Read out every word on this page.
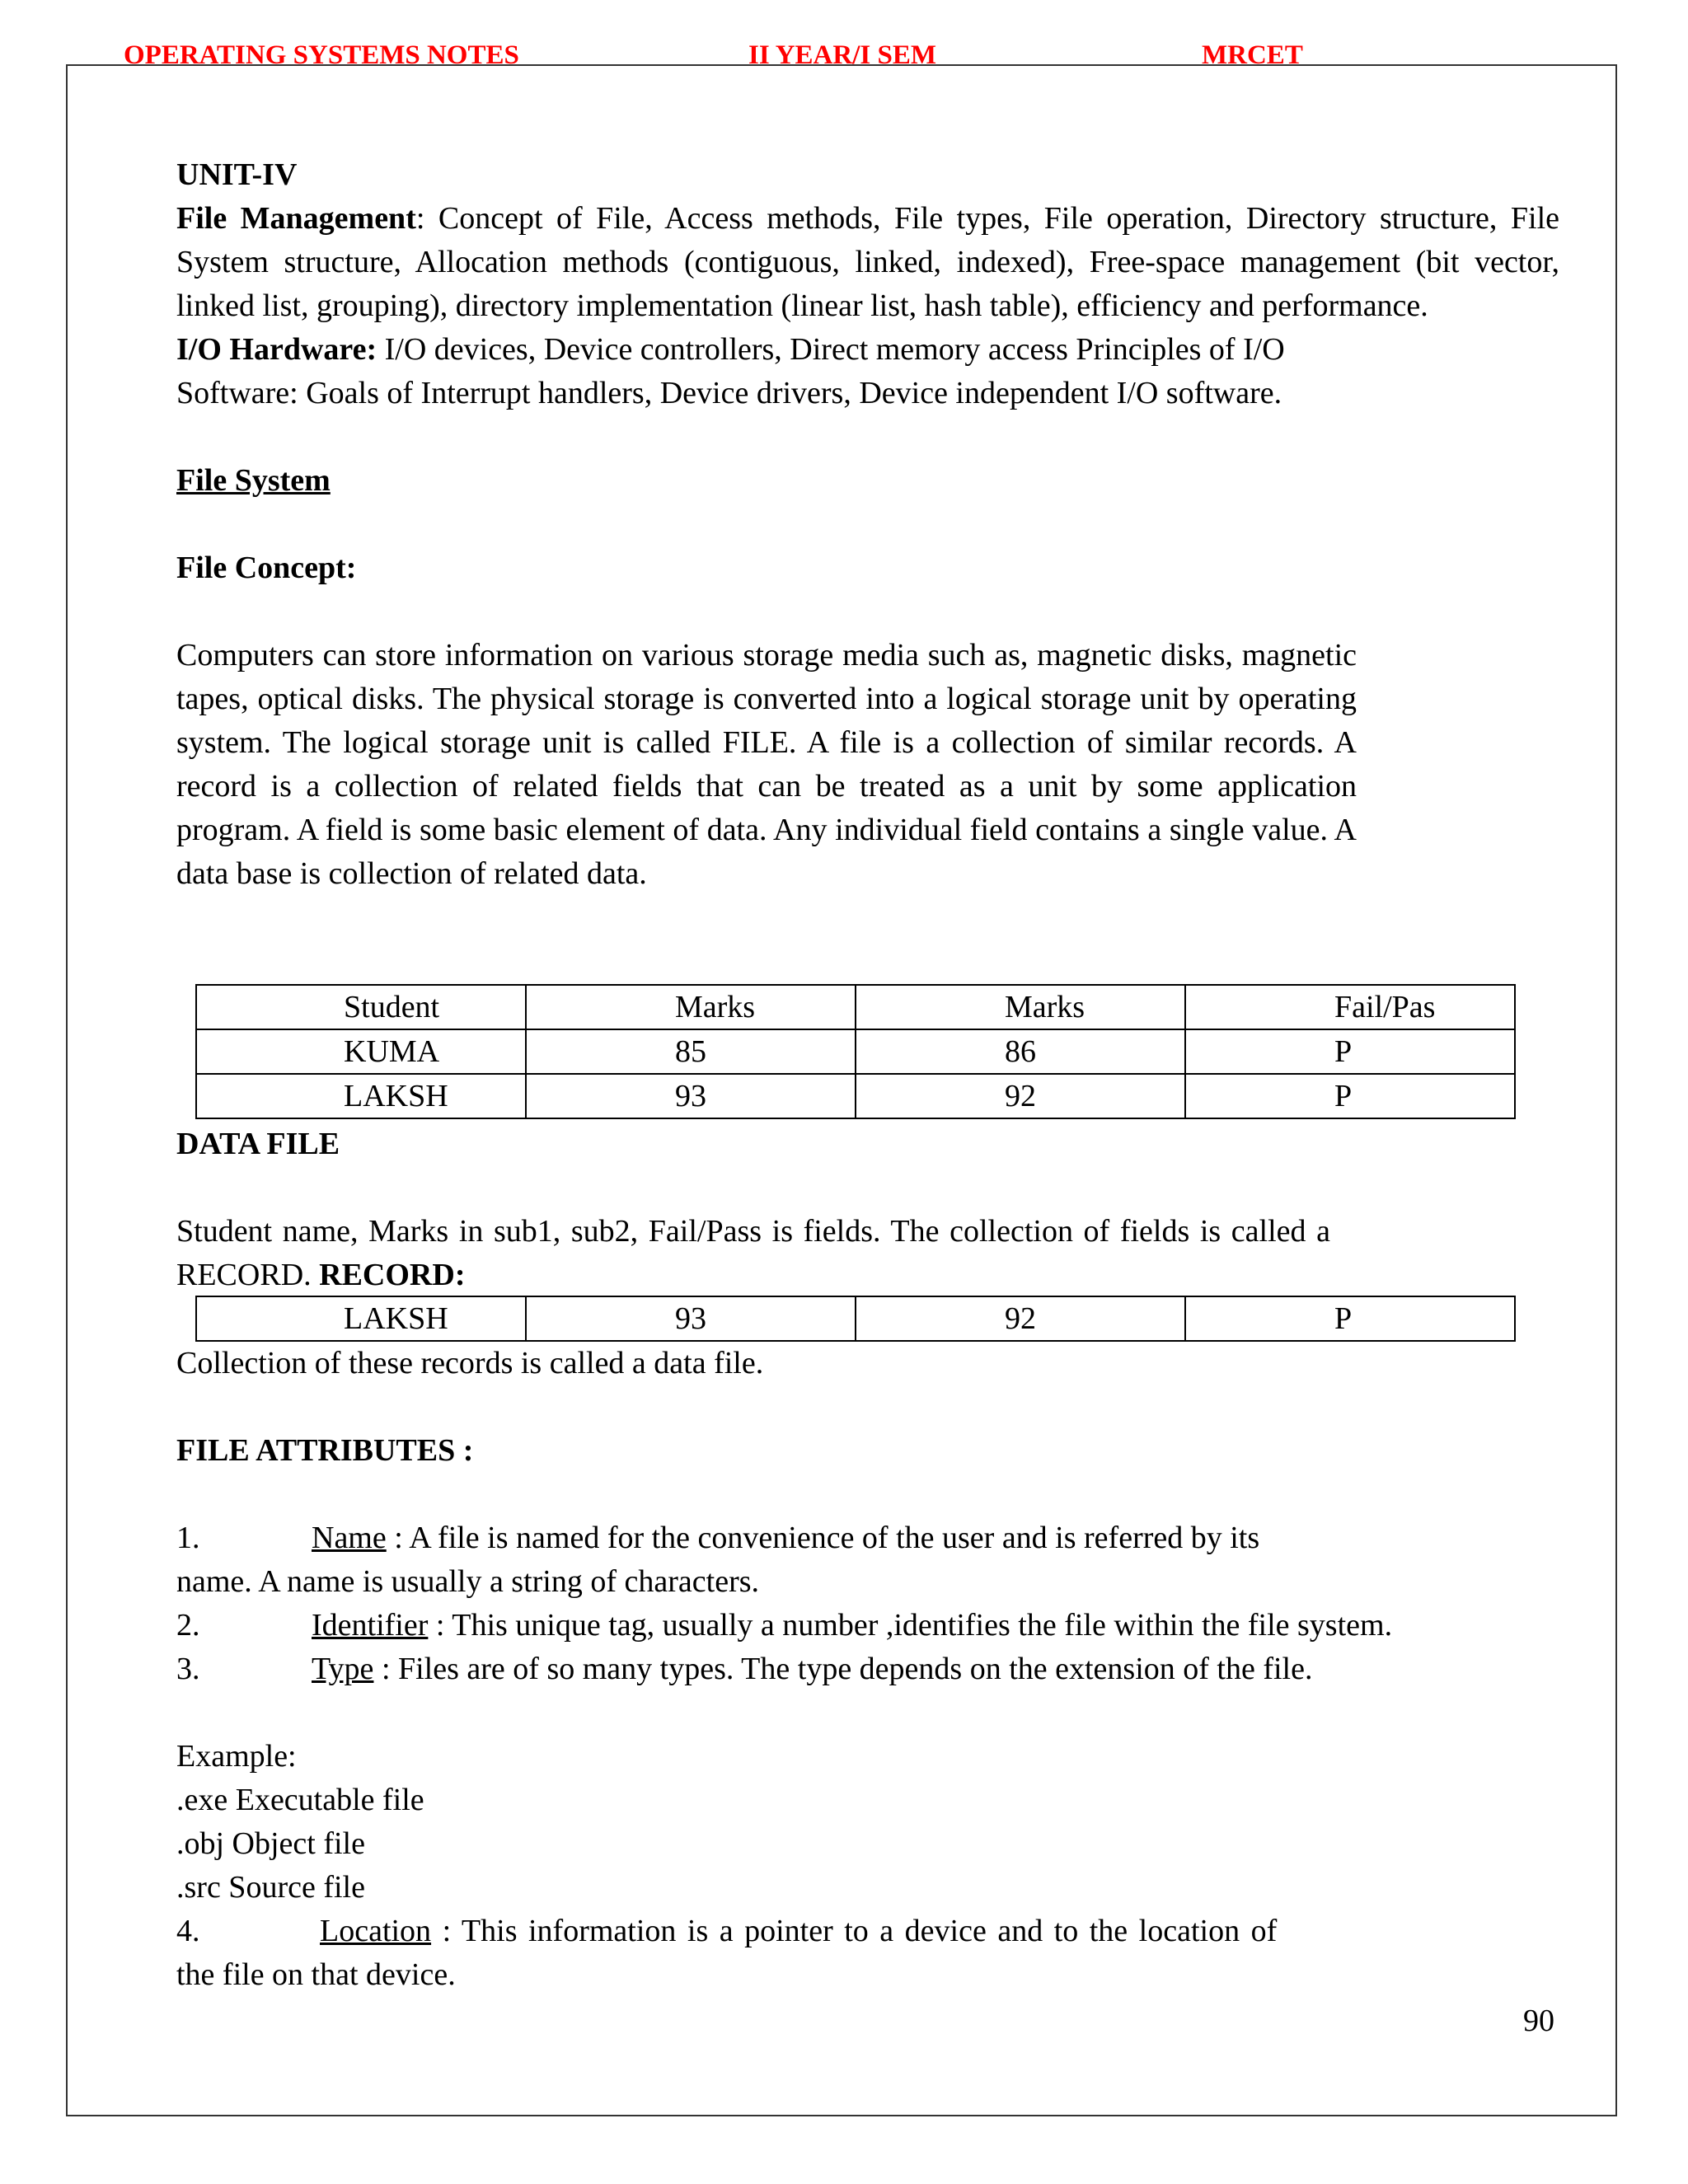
OPERATING SYSTEMS NOTES	II YEAR/I SEM	MRCET

UNIT-IV

File Management: Concept of File, Access methods, File types, File operation, Directory structure, File System structure, Allocation methods (contiguous, linked, indexed), Free-space management (bit vector, linked list, grouping), directory implementation (linear list, hash table), efficiency and performance.

I/O Hardware: I/O devices, Device controllers, Direct memory access Principles of I/O

Software: Goals of Interrupt handlers, Device drivers, Device independent I/O software.

File System

File Concept:

Computers can store information on various storage media such as, magnetic disks, magnetic tapes, optical disks. The physical storage is converted into a logical storage unit by operating system. The logical storage unit is called FILE. A file is a collection of similar records. A record is a collection of related fields that can be treated as a unit by some application program. A field is some basic element of data. Any individual field contains a single value. A data base is collection of related data.

Student	Marks	Marks	Fail/Pas
KUMA	85	86	P
LAKSH	93	92	P
DATA FILE
Student name, Marks in sub1, sub2, Fail/Pass is fields. The collection of fields is called a RECORD. RECORD:
LAKSH	93	92	P
Collection of these records is called a data file.
FILE ATTRIBUTES :
1.	Name : A file is named for the convenience of the user and is referred by its
name. A name is usually a string of characters.
2.	Identifier : This unique tag, usually a number ,identifies the file within the file system.
3.	Type : Files are of so many types. The type depends on the extension of the file.
Example:
.exe Executable file
.obj Object file
.src Source file
4.	Location : This information is a pointer to a device and to the location of
the file on that device.
90
